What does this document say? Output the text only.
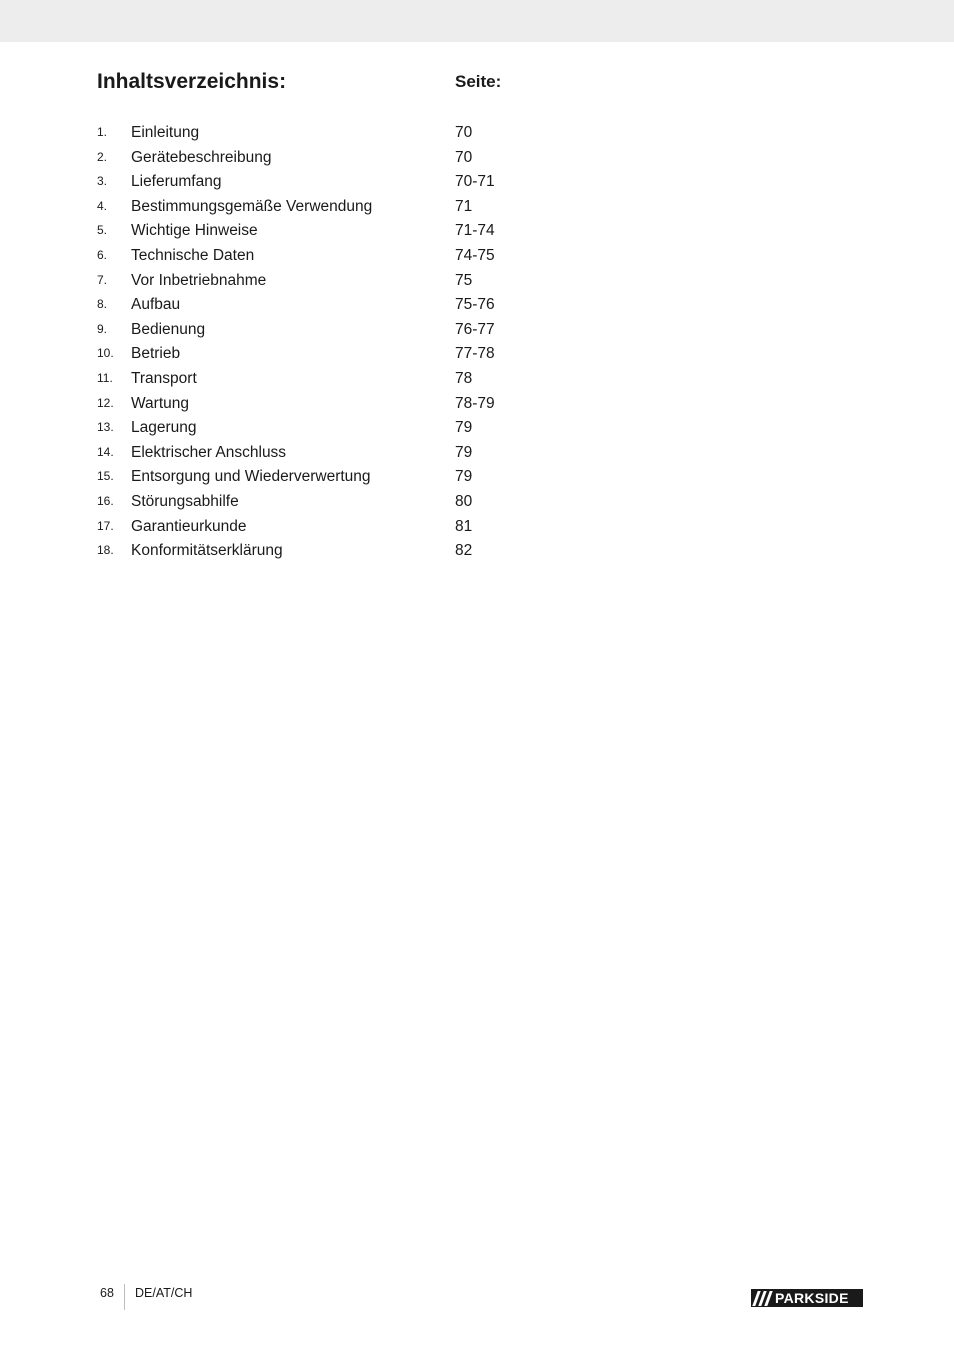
Inhaltsverzeichnis:	Seite:
1. Einleitung	70
2. Gerätebeschreibung	70
3. Lieferumfang	70-71
4. Bestimmungsgemäße Verwendung	71
5. Wichtige Hinweise	71-74
6. Technische Daten	74-75
7. Vor Inbetriebnahme	75
8. Aufbau	75-76
9. Bedienung	76-77
10. Betrieb	77-78
11. Transport	78
12. Wartung	78-79
13. Lagerung	79
14. Elektrischer Anschluss	79
15. Entsorgung und Wiederverwertung	79
16. Störungsabhilfe	80
17. Garantieurkunde	81
18. Konformitätserklärung	82
68 DE/AT/CH	PARKSIDE
